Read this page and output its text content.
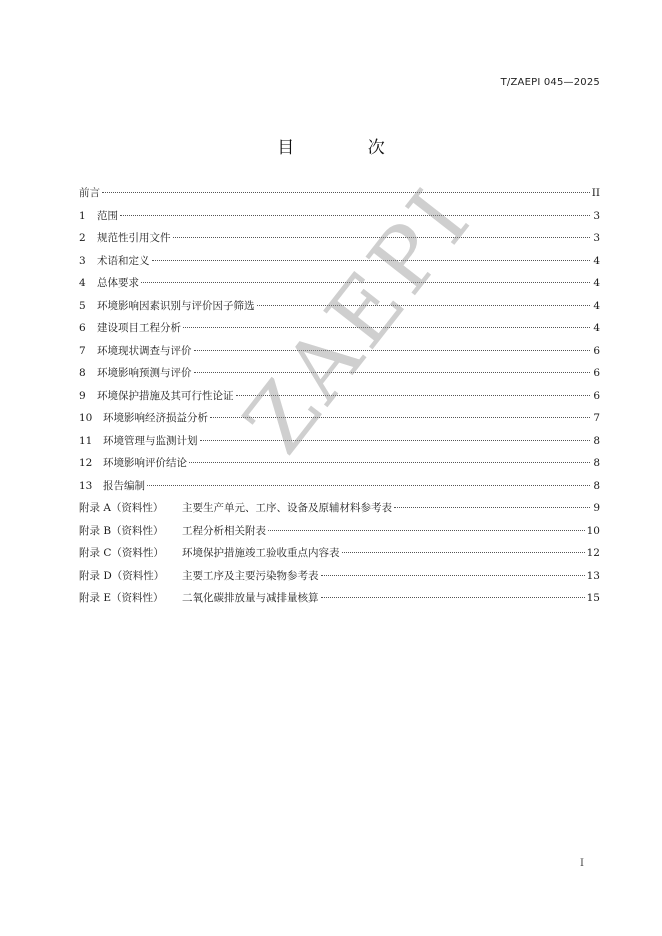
T/ZAEPI 045—2025
目 次
前言	II
1	范围	3
2	规范性引用文件	3
3	术语和定义	4
4	总体要求	4
5	环境影响因素识别与评价因子筛选	4
6	建设项目工程分析	4
7	环境现状调查与评价	6
8	环境影响预测与评价	6
9	环境保护措施及其可行性论证	6
10	环境影响经济损益分析	7
11	环境管理与监测计划	8
12	环境影响评价结论	8
13	报告编制	8
附录 A（资料性）	主要生产单元、工序、设备及原辅材料参考表	9
附录 B（资料性）	工程分析相关附表	10
附录 C（资料性）	环境保护措施竣工验收重点内容表	12
附录 D（资料性）	主要工序及主要污染物参考表	13
附录 E（资料性）	二氧化碳排放量与减排量核算	15
ZAEPI
I
